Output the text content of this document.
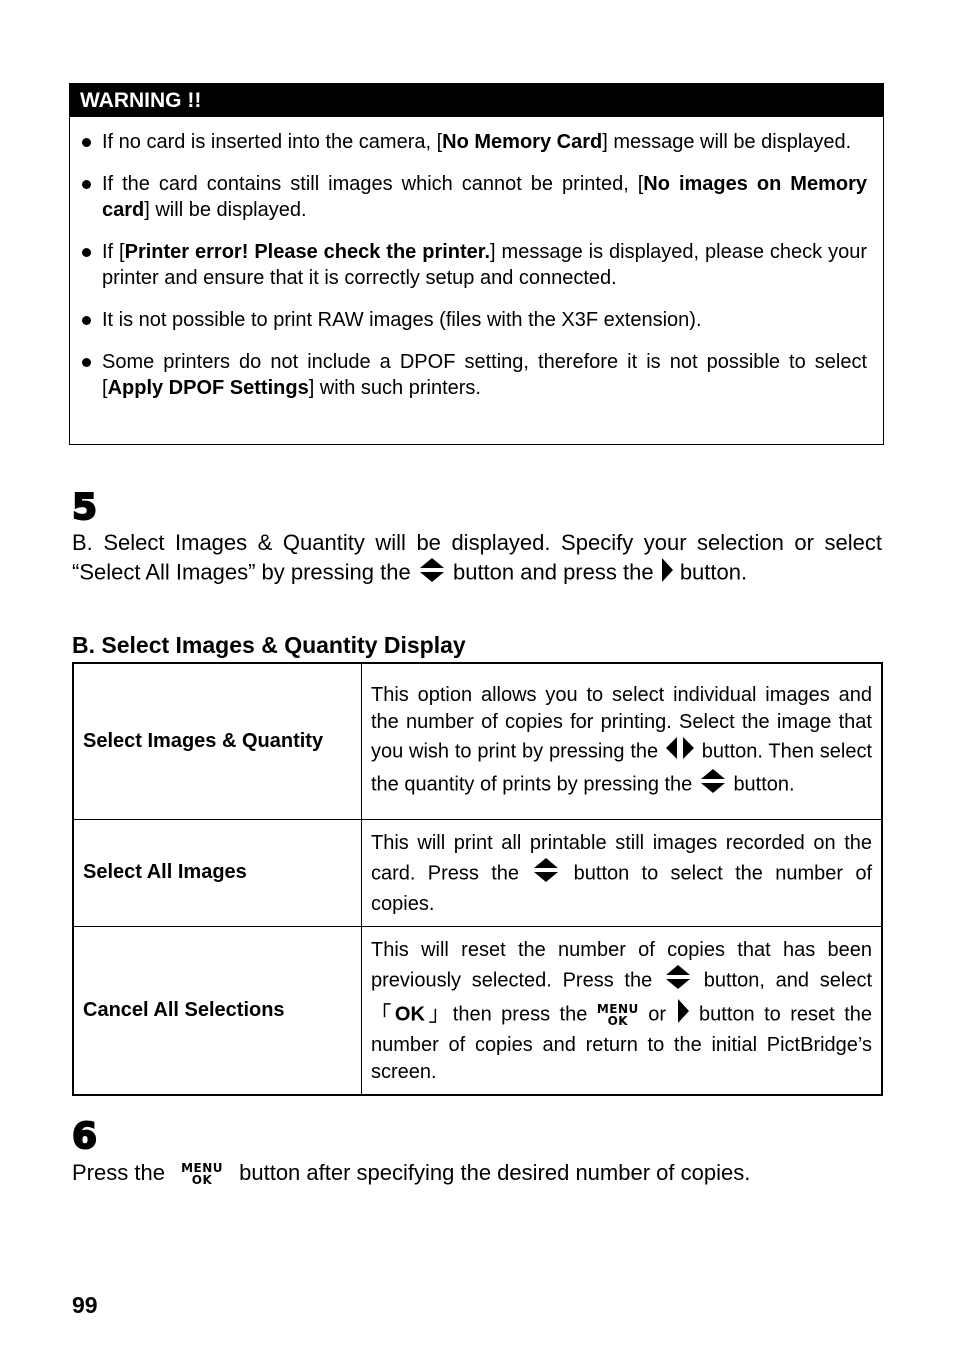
WARNING !!
If no card is inserted into the camera, [No Memory Card] message will be displayed.
If the card contains still images which cannot be printed, [No images on Memory card] will be displayed.
If [Printer error! Please check the printer.] message is displayed, please check your printer and ensure that it is correctly setup and connected.
It is not possible to print RAW images (files with the X3F extension).
Some printers do not include a DPOF setting, therefore it is not possible to select [Apply DPOF Settings] with such printers.
5
B. Select Images & Quantity will be displayed. Specify your selection or select “Select All Images” by pressing the button and press the button.
B. Select Images & Quantity Display
Select Images & Quantity	This option allows you to select individual images and the number of copies for printing. Select the image that you wish to print by pressing the button. Then select the quantity of prints by pressing the button.
Select All Images	This will print all printable still images recorded on the card. Press the button to select the number of copies.
Cancel All Selections	This will reset the number of copies that has been previously selected. Press the button, and select 「OK」then press the MENU
OK or button to reset the number of copies and return to the initial PictBridge’s screen.
6
Press the MENU
OK button after specifying the desired number of copies.
99
